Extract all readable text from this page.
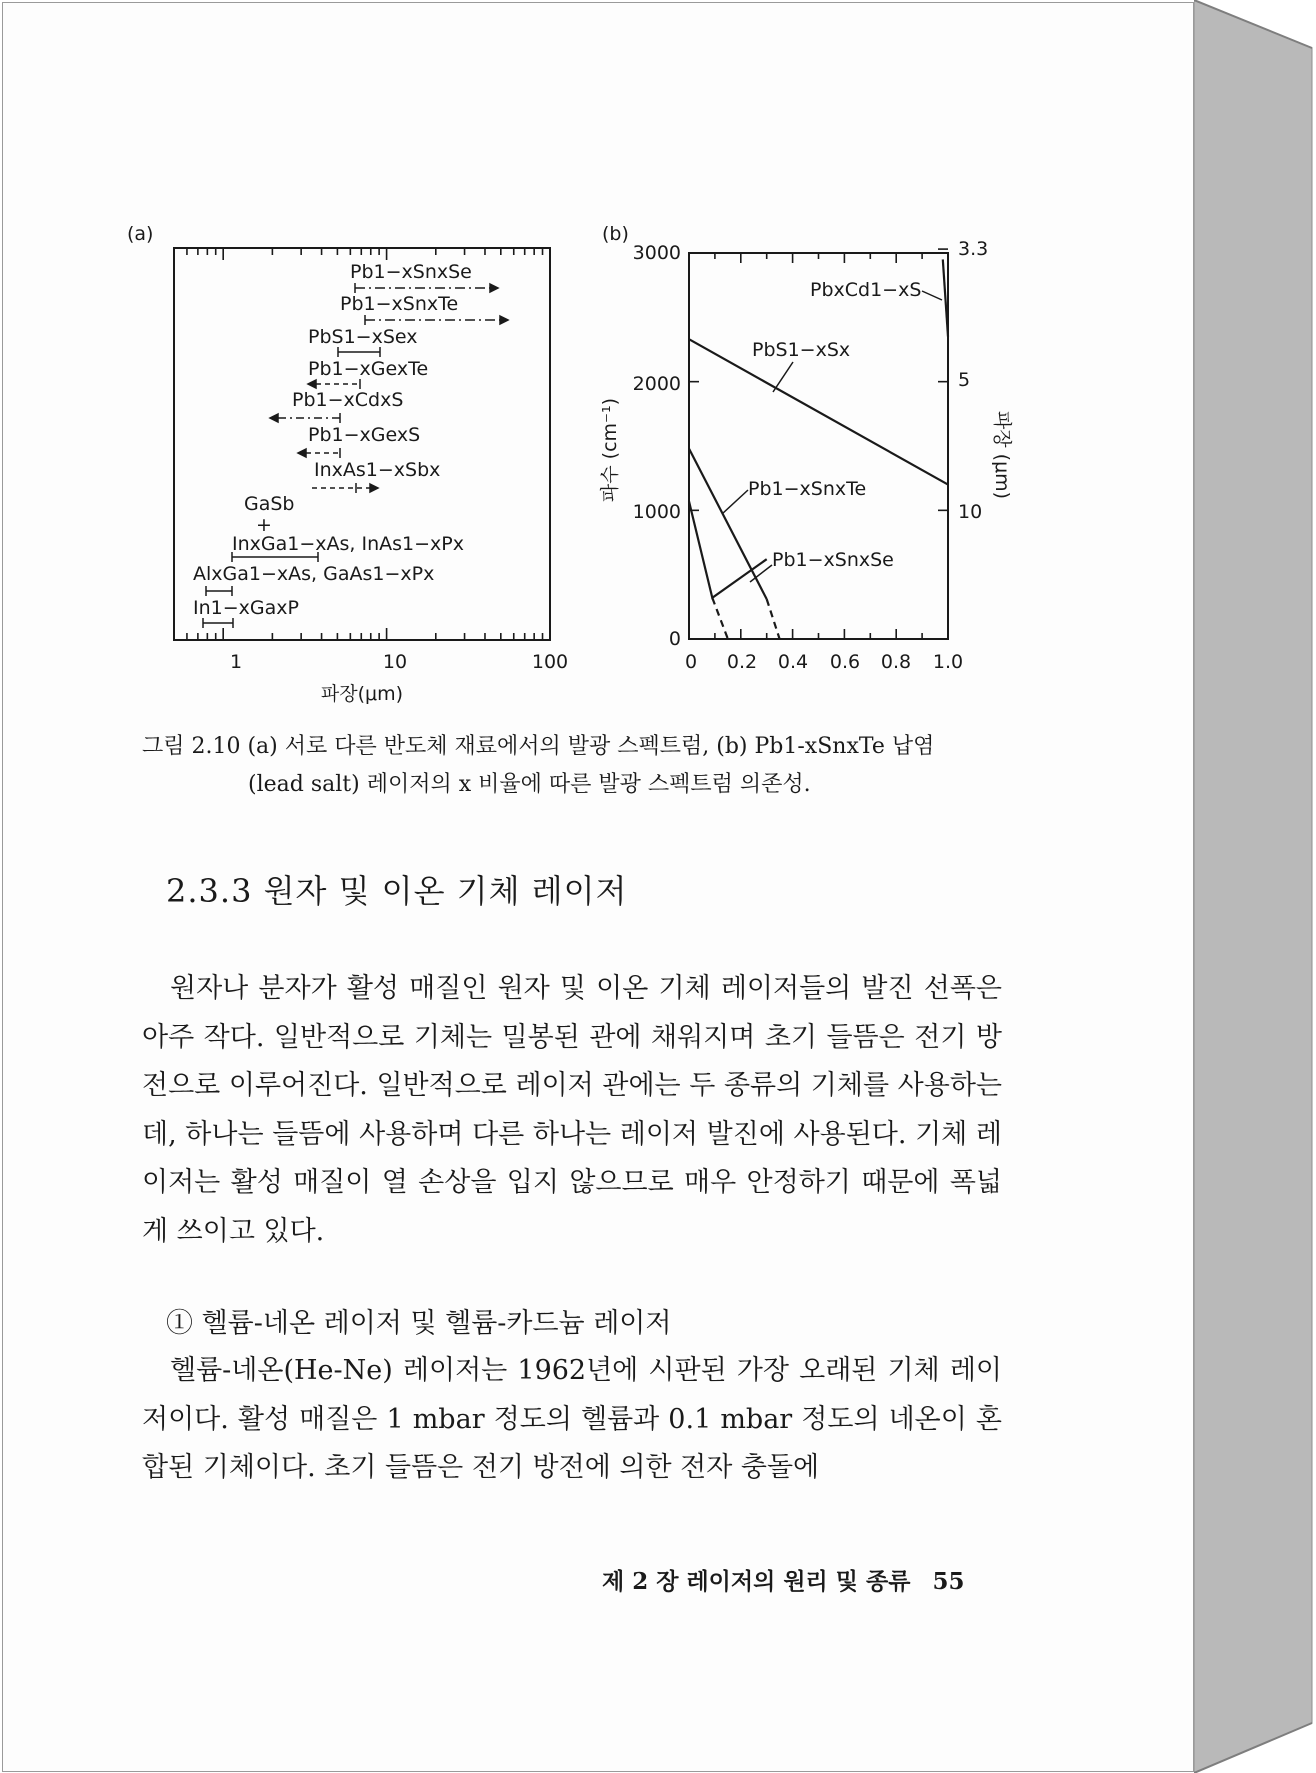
(a)
Pb1−xSnxSe
Pb1−xSnxTe
PbS1−xSex
Pb1−xGexTe
Pb1−xCdxS
Pb1−xGexS
InxAs1−xSbx
GaSb
+
InxGa1−xAs, InAs1−xPx
AlxGa1−xAs, GaAs1−xPx
In1−xGaxP
1	10	100
파장(μm)
(b)
3000
2000
1000
0
0 0.2 0.4 0.6 0.8 1.0
3.3
5
10
파수 (cm⁻¹)	파장 (μm)
PbxCd1−xS
PbS1−xSx
Pb1−xSnxTe
Pb1−xSnxSe
그림 2.10 (a) 서로 다른 반도체 재료에서의 발광 스펙트럼, (b) Pb1-xSnxTe 납염
(lead salt) 레이저의 x 비율에 따른 발광 스펙트럼 의존성.
2.3.3 원자 및 이온 기체 레이저
원자나 분자가 활성 매질인 원자 및 이온 기체 레이저들의 발진 선폭은 아주 작다. 일반적으로 기체는 밀봉된 관에 채워지며 초기 들뜸은 전기 방전으로 이루어진다. 일반적으로 레이저 관에는 두 종류의 기체를 사용하는데, 하나는 들뜸에 사용하며 다른 하나는 레이저 발진에 사용된다. 기체 레이저는 활성 매질이 열 손상을 입지 않으므로 매우 안정하기 때문에 폭넓게 쓰이고 있다.
① 헬륨-네온 레이저 및 헬륨-카드늄 레이저
헬륨-네온(He-Ne) 레이저는 1962년에 시판된 가장 오래된 기체 레이저이다. 활성 매질은 1 mbar 정도의 헬륨과 0.1 mbar 정도의 네온이 혼합된 기체이다. 초기 들뜸은 전기 방전에 의한 전자 충돌에
제 2 장 레이저의 원리 및 종류 55
